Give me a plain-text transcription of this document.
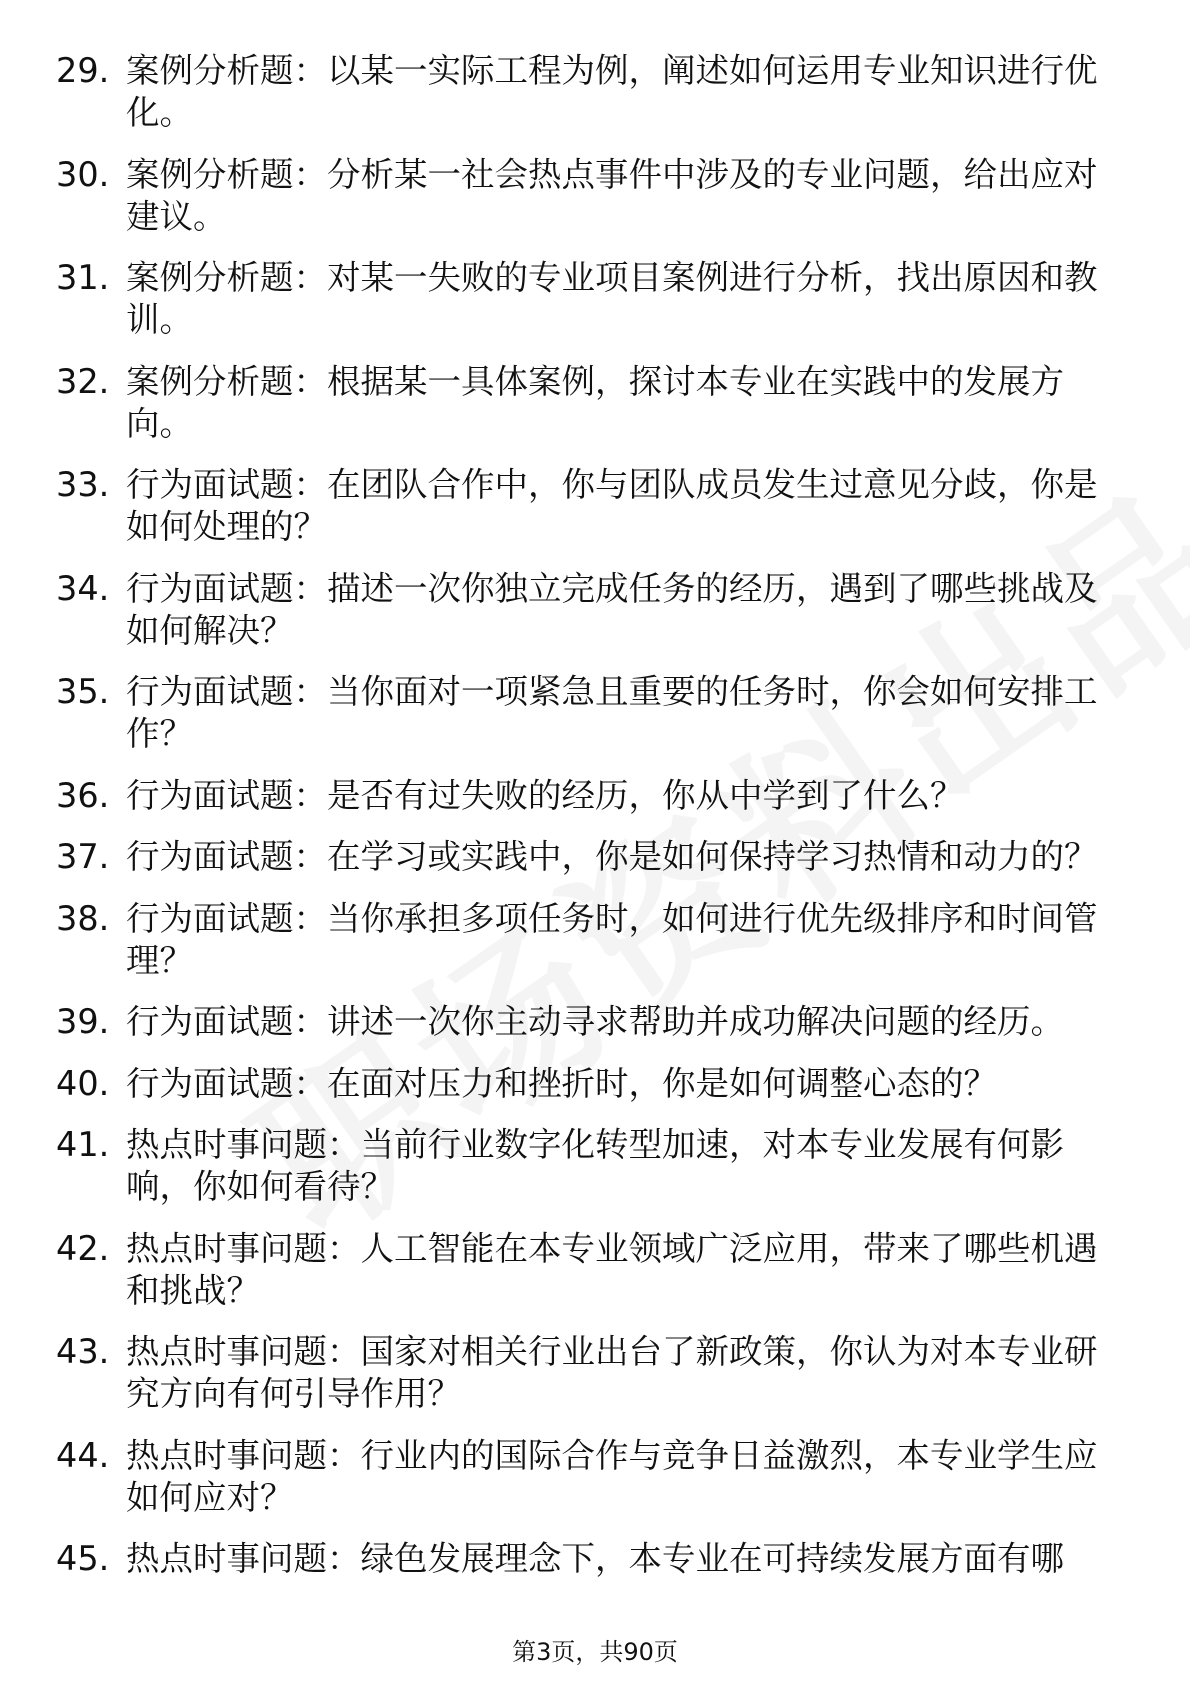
29. 案例分析题：以某一实际工程为例，阐述如何运用专业知识进行优化。
30. 案例分析题：分析某一社会热点事件中涉及的专业问题，给出应对建议。
31. 案例分析题：对某一失败的专业项目案例进行分析，找出原因和教训。
32. 案例分析题：根据某一具体案例，探讨本专业在实践中的发展方向。
33. 行为面试题：在团队合作中，你与团队成员发生过意见分歧，你是如何处理的？
34. 行为面试题：描述一次你独立完成任务的经历，遇到了哪些挑战及如何解决？
35. 行为面试题：当你面对一项紧急且重要的任务时，你会如何安排工作？
36. 行为面试题：是否有过失败的经历，你从中学到了什么？
37. 行为面试题：在学习或实践中，你是如何保持学习热情和动力的？
38. 行为面试题：当你承担多项任务时，如何进行优先级排序和时间管理？
39. 行为面试题：讲述一次你主动寻求帮助并成功解决问题的经历。
40. 行为面试题：在面对压力和挫折时，你是如何调整心态的？
41. 热点时事问题：当前行业数字化转型加速，对本专业发展有何影响，你如何看待？
42. 热点时事问题：人工智能在本专业领域广泛应用，带来了哪些机遇和挑战？
43. 热点时事问题：国家对相关行业出台了新政策，你认为对本专业研究方向有何引导作用？
44. 热点时事问题：行业内的国际合作与竞争日益激烈，本专业学生应如何应对？
45. 热点时事问题：绿色发展理念下，本专业在可持续发展方面有哪
第3页，共90页
